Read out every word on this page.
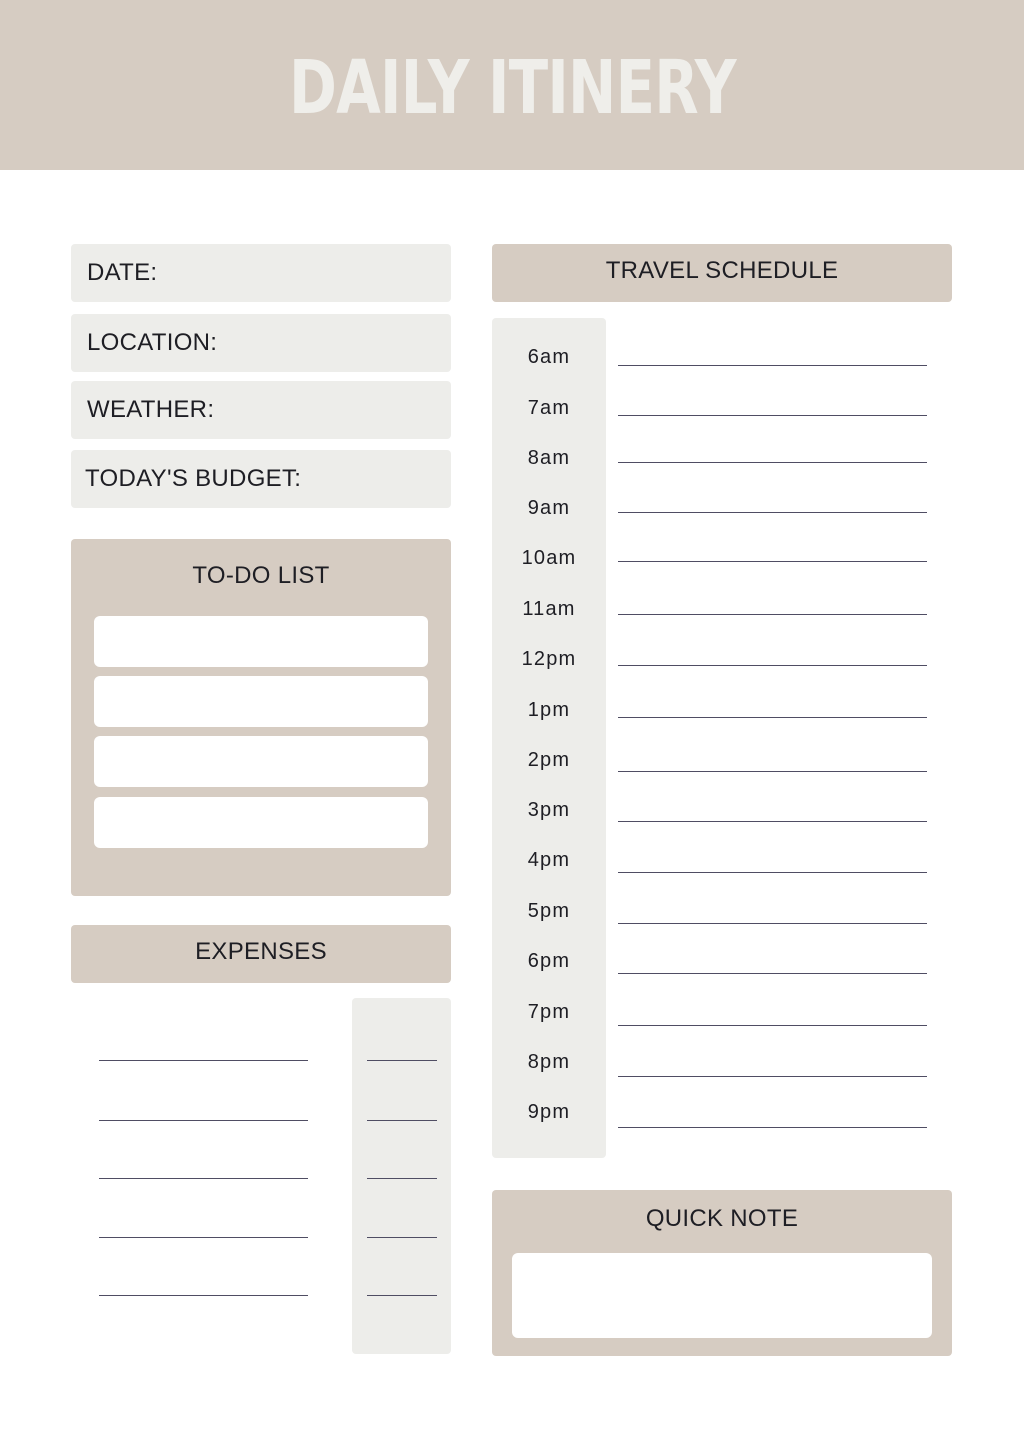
DAILY ITINERY
DATE:
LOCATION:
WEATHER:
TODAY'S BUDGET:
TO-DO LIST
EXPENSES
TRAVEL SCHEDULE
6am
7am
8am
9am
10am
11am
12pm
1pm
2pm
3pm
4pm
5pm
6pm
7pm
8pm
9pm
QUICK NOTE
